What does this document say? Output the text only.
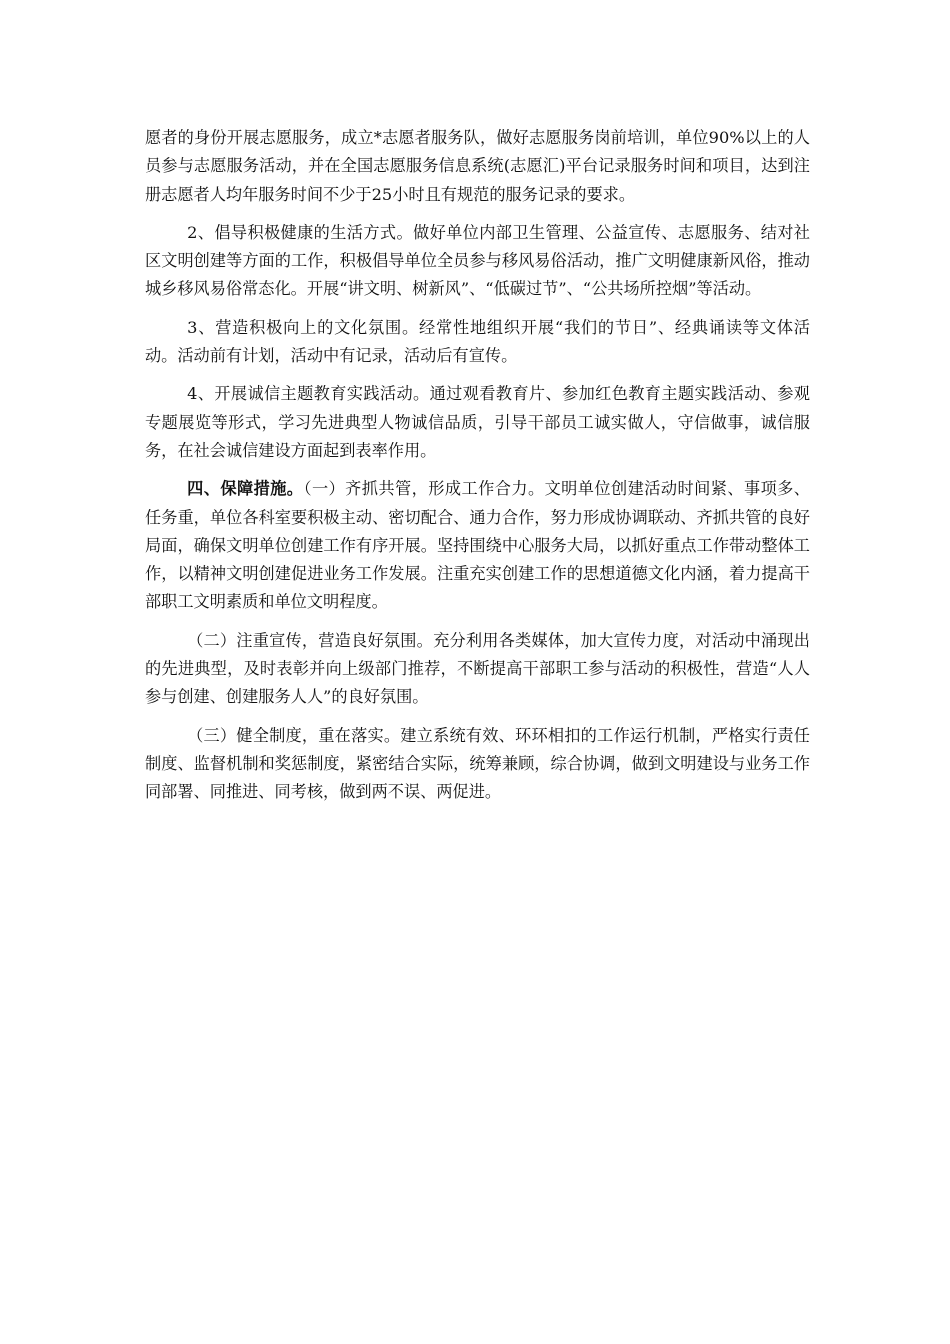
愿者的身份开展志愿服务，成立*志愿者服务队，做好志愿服务岗前培训，单位90%以上的人员参与志愿服务活动，并在全国志愿服务信息系统(志愿汇)平台记录服务时间和项目，达到注册志愿者人均年服务时间不少于25小时且有规范的服务记录的要求。

2、倡导积极健康的生活方式。做好单位内部卫生管理、公益宣传、志愿服务、结对社区文明创建等方面的工作，积极倡导单位全员参与移风易俗活动，推广文明健康新风俗，推动城乡移风易俗常态化。开展“讲文明、树新风”、“低碳过节”、“公共场所控烟”等活动。

3、营造积极向上的文化氛围。经常性地组织开展“我们的节日”、经典诵读等文体活动。活动前有计划，活动中有记录，活动后有宣传。

4、开展诚信主题教育实践活动。通过观看教育片、参加红色教育主题实践活动、参观专题展览等形式，学习先进典型人物诚信品质，引导干部员工诚实做人，守信做事，诚信服务，在社会诚信建设方面起到表率作用。

四、保障措施。（一）齐抓共管，形成工作合力。文明单位创建活动时间紧、事项多、任务重，单位各科室要积极主动、密切配合、通力合作，努力形成协调联动、齐抓共管的良好局面，确保文明单位创建工作有序开展。坚持围绕中心服务大局，以抓好重点工作带动整体工作，以精神文明创建促进业务工作发展。注重充实创建工作的思想道德文化内涵，着力提高干部职工文明素质和单位文明程度。

（二）注重宣传，营造良好氛围。充分利用各类媒体，加大宣传力度，对活动中涌现出的先进典型，及时表彰并向上级部门推荐，不断提高干部职工参与活动的积极性，营造“人人参与创建、创建服务人人”的良好氛围。

（三）健全制度，重在落实。建立系统有效、环环相扣的工作运行机制，严格实行责任制度、监督机制和奖惩制度，紧密结合实际，统筹兼顾，综合协调，做到文明建设与业务工作同部署、同推进、同考核，做到两不误、两促进。
